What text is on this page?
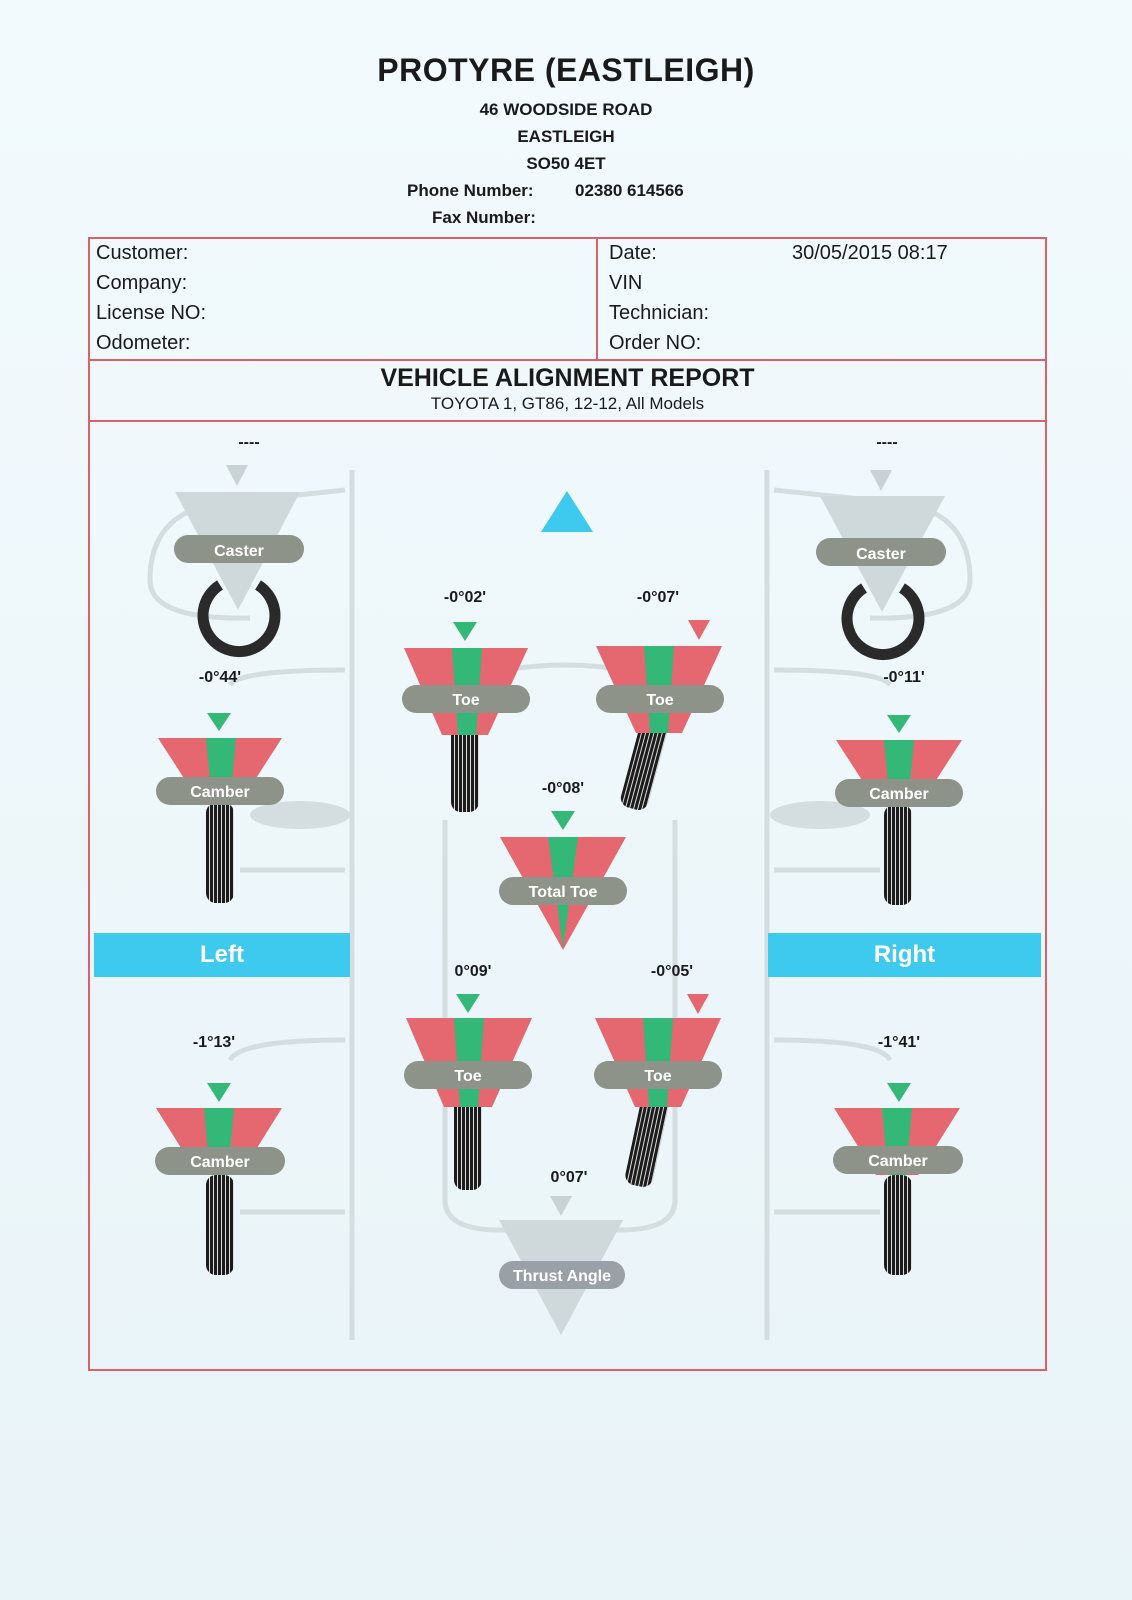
PROTYRE (EASTLEIGH)
46 WOODSIDE ROAD
EASTLEIGH
SO50 4ET
Phone Number: 02380 614566
Fax Number:
Customer:
Company:
License NO:
Odometer:
Date:	30/05/2015 08:17
VIN
Technician:
Order NO:
VEHICLE ALIGNMENT REPORT
TOYOTA 1, GT86, 12-12, All Models
Caster	Caster
Camber	Camber
Toe	Toe
Total Toe
Toe	Toe
Camber	Camber
Thrust Angle
----	----
-0°02'	-0°07'
-0°44'	-0°11'
-0°08'
0°09'	-0°05'
-1°13'	-1°41'
0°07'
Left	Right
